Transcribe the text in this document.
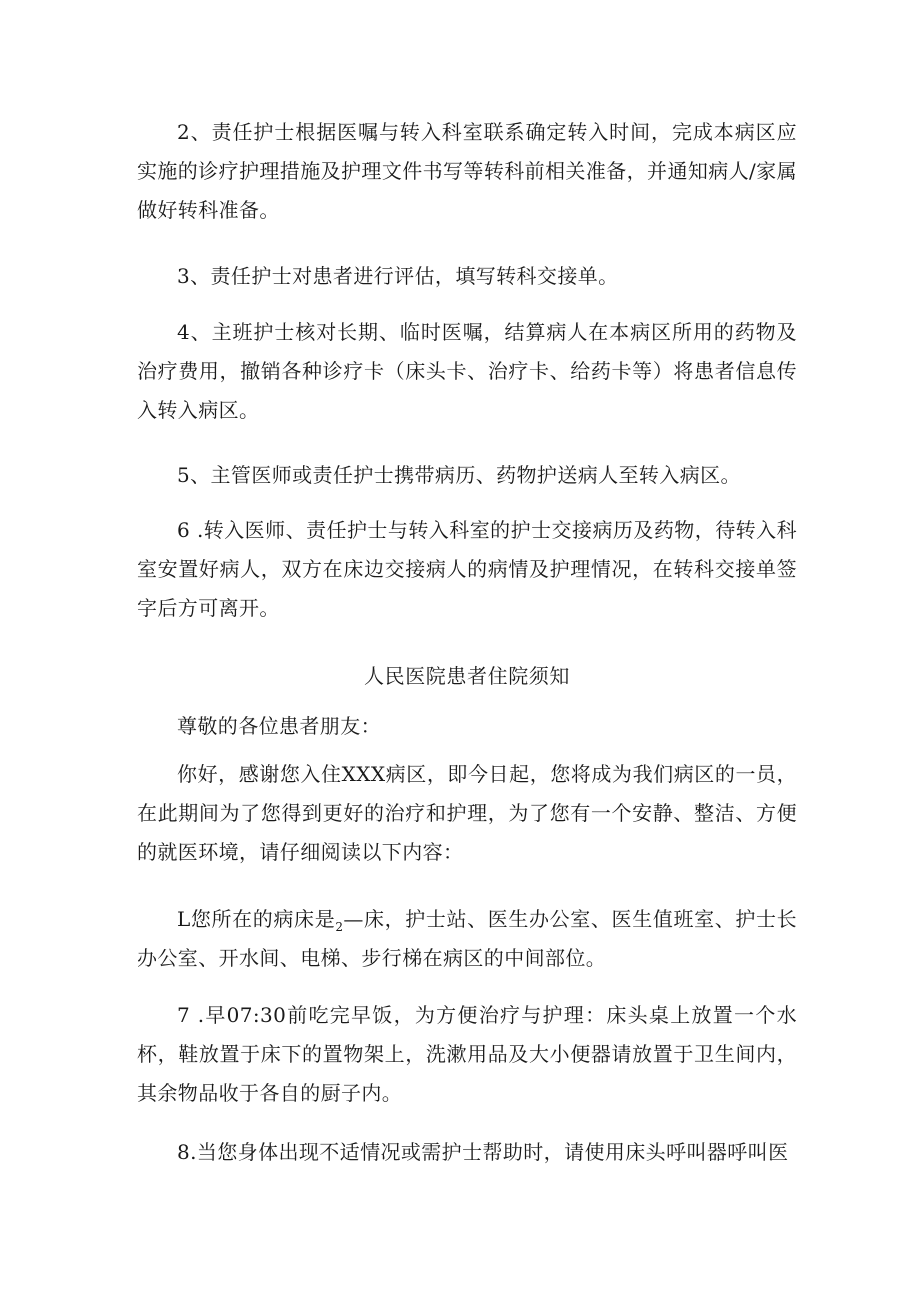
2、责任护士根据医嘱与转入科室联系确定转入时间，完成本病区应实施的诊疗护理措施及护理文件书写等转科前相关准备，并通知病人/家属做好转科准备。

3、责任护士对患者进行评估，填写转科交接单。

4、主班护士核对长期、临时医嘱，结算病人在本病区所用的药物及治疗费用，撤销各种诊疗卡（床头卡、治疗卡、给药卡等）将患者信息传入转入病区。

5、主管医师或责任护士携带病历、药物护送病人至转入病区。

6 .转入医师、责任护士与转入科室的护士交接病历及药物，待转入科室安置好病人，双方在床边交接病人的病情及护理情况，在转科交接单签字后方可离开。

人民医院患者住院须知

尊敬的各位患者朋友：

你好，感谢您入住XXX病区，即今日起，您将成为我们病区的一员，在此期间为了您得到更好的治疗和护理，为了您有一个安静、整洁、方便的就医环境，请仔细阅读以下内容：

L您所在的病床是$_2$—床，护士站、医生办公室、医生值班室、护士长办公室、开水间、电梯、步行梯在病区的中间部位。

7 .早07:30前吃完早饭，为方便治疗与护理：床头桌上放置一个水杯，鞋放置于床下的置物架上，洗漱用品及大小便器请放置于卫生间内，其余物品收于各自的厨子内。

8.当您身体出现不适情况或需护士帮助时，请使用床头呼叫器呼叫医
